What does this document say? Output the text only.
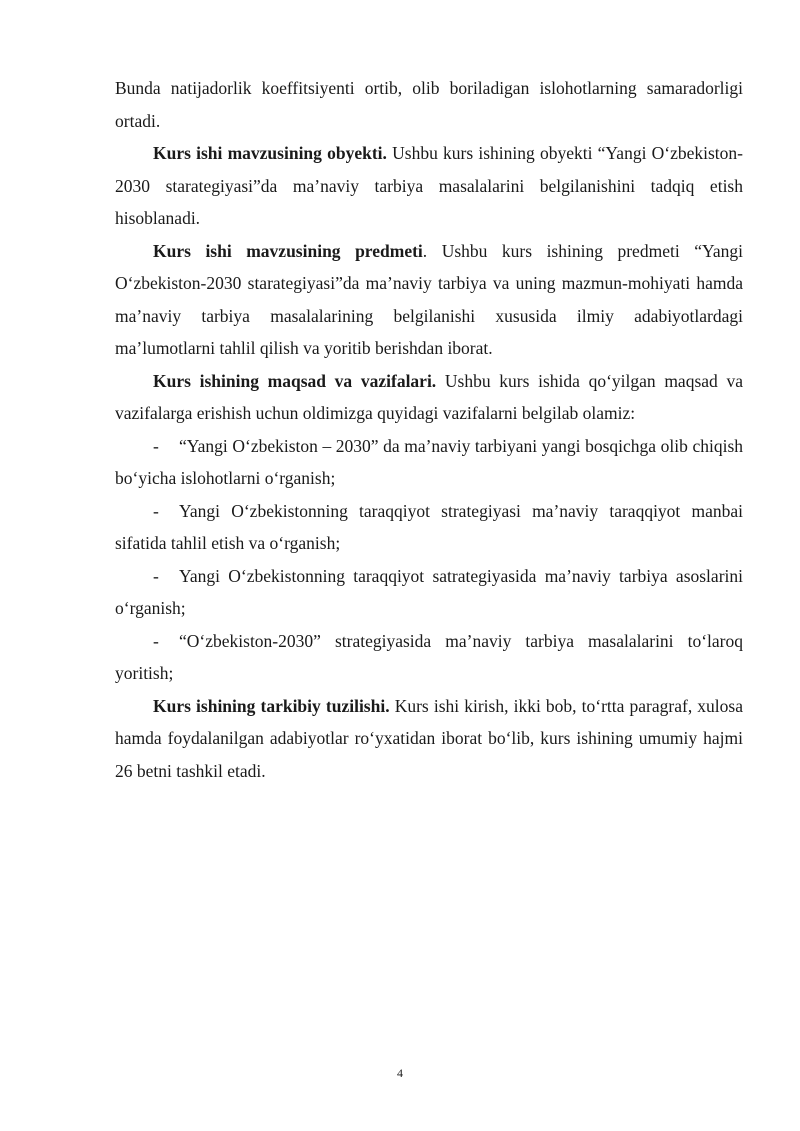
Bunda natijadorlik koeffitsiyenti ortib, olib boriladigan islohotlarning samaradorligi ortadi.

Kurs ishi mavzusining obyekti. Ushbu kurs ishining obyekti “Yangi O‘zbekiston-2030 starategiyasi”da ma’naviy tarbiya masalalarini belgilanishini tadqiq etish hisoblanadi.

Kurs ishi mavzusining predmeti. Ushbu kurs ishining predmeti “Yangi O‘zbekiston-2030 starategiyasi”da ma’naviy tarbiya va uning mazmun-mohiyati hamda ma’naviy tarbiya masalalarining belgilanishi xususida ilmiy adabiyotlardagi ma’lumotlarni tahlil qilish va yoritib berishdan iborat.

Kurs ishining maqsad va vazifalari. Ushbu kurs ishida qo‘yilgan maqsad va vazifalarga erishish uchun oldimizga quyidagi vazifalarni belgilab olamiz:

- “Yangi O‘zbekiston – 2030” da ma’naviy tarbiyani yangi bosqichga olib chiqish bo‘yicha islohotlarni o‘rganish;

- Yangi O‘zbekistonning taraqqiyot strategiyasi ma’naviy taraqqiyot manbai sifatida tahlil etish va o‘rganish;

- Yangi O‘zbekistonning taraqqiyot satrategiyasida ma’naviy tarbiya asoslarini o‘rganish;

- “O‘zbekiston-2030” strategiyasida ma’naviy tarbiya masalalarini to‘laroq yoritish;

Kurs ishining tarkibiy tuzilishi. Kurs ishi kirish, ikki bob, to‘rtta paragraf, xulosa hamda foydalanilgan adabiyotlar ro‘yxatidan iborat bo‘lib, kurs ishining umumiy hajmi 26 betni tashkil etadi.

4
